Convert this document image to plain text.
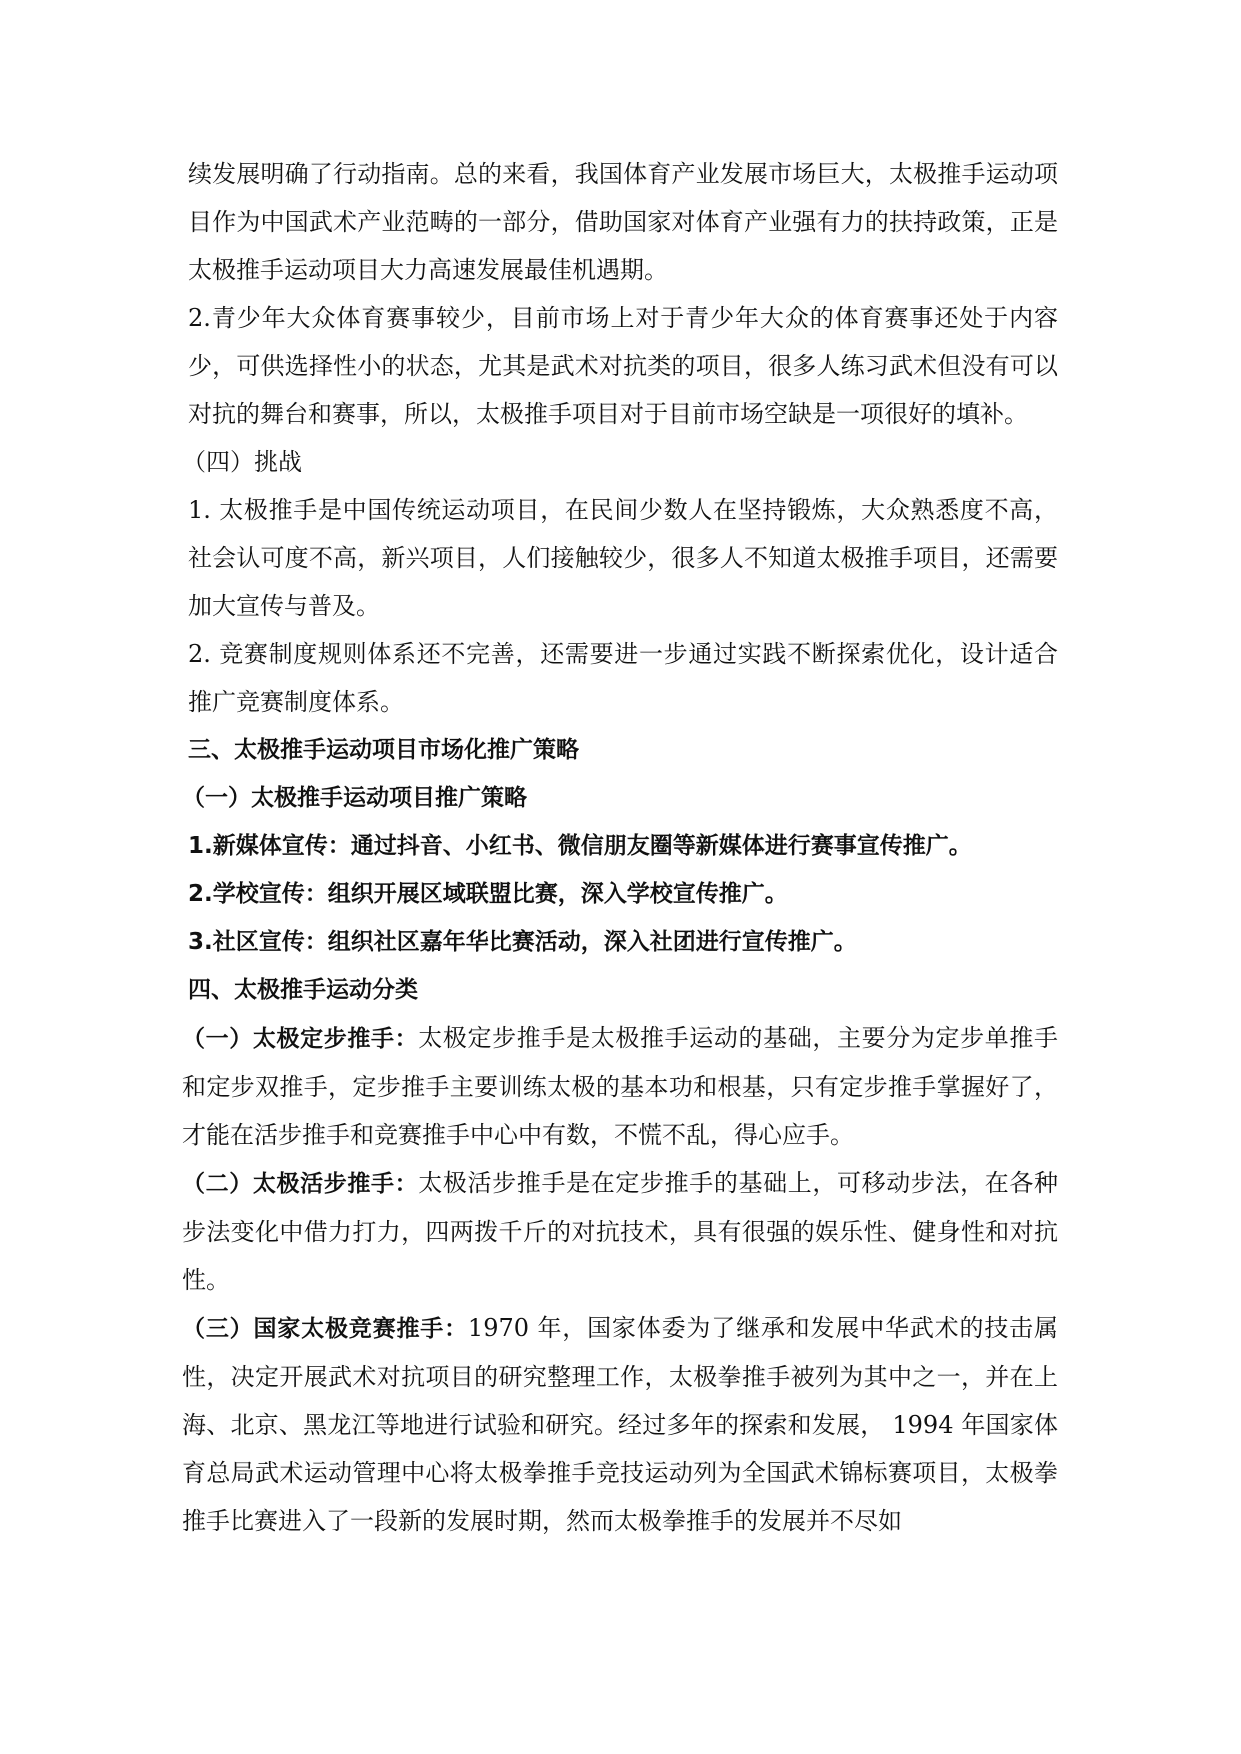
续发展明确了行动指南。总的来看，我国体育产业发展市场巨大，太极推手运动项目作为中国武术产业范畴的一部分，借助国家对体育产业强有力的扶持政策，正是太极推手运动项目大力高速发展最佳机遇期。

2.青少年大众体育赛事较少，目前市场上对于青少年大众的体育赛事还处于内容少，可供选择性小的状态，尤其是武术对抗类的项目，很多人练习武术但没有可以对抗的舞台和赛事，所以，太极推手项目对于目前市场空缺是一项很好的填补。

（四）挑战

1. 太极推手是中国传统运动项目，在民间少数人在坚持锻炼，大众熟悉度不高，社会认可度不高，新兴项目，人们接触较少，很多人不知道太极推手项目，还需要加大宣传与普及。

2. 竞赛制度规则体系还不完善，还需要进一步通过实践不断探索优化，设计适合推广竞赛制度体系。

三、太极推手运动项目市场化推广策略

（一）太极推手运动项目推广策略

1.新媒体宣传：通过抖音、小红书、微信朋友圈等新媒体进行赛事宣传推广。

2.学校宣传：组织开展区域联盟比赛，深入学校宣传推广。

3.社区宣传：组织社区嘉年华比赛活动，深入社团进行宣传推广。

四、太极推手运动分类

（一）太极定步推手：太极定步推手是太极推手运动的基础，主要分为定步单推手和定步双推手，定步推手主要训练太极的基本功和根基，只有定步推手掌握好了，才能在活步推手和竞赛推手中心中有数，不慌不乱，得心应手。

（二）太极活步推手：太极活步推手是在定步推手的基础上，可移动步法，在各种步法变化中借力打力，四两拨千斤的对抗技术，具有很强的娱乐性、健身性和对抗性。

（三）国家太极竞赛推手：1970 年，国家体委为了继承和发展中华武术的技击属性，决定开展武术对抗项目的研究整理工作，太极拳推手被列为其中之一，并在上海、北京、黑龙江等地进行试验和研究。经过多年的探索和发展， 1994 年国家体育总局武术运动管理中心将太极拳推手竞技运动列为全国武术锦标赛项目，太极拳推手比赛进入了一段新的发展时期，然而太极拳推手的发展并不尽如
